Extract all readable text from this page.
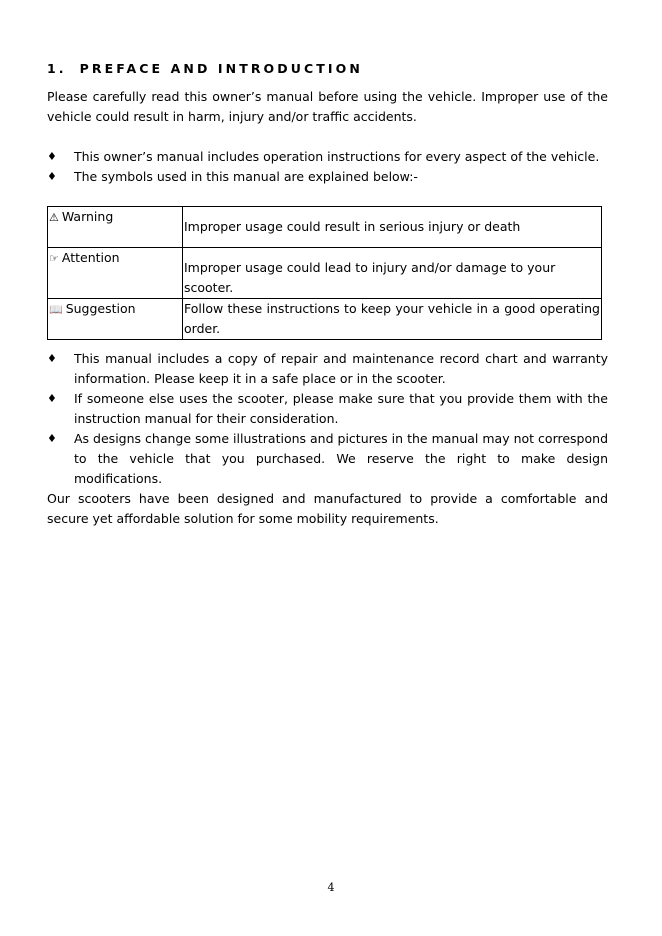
1. PREFACE AND INTRODUCTION

Please carefully read this owner’s manual before using the vehicle. Improper use of the vehicle could result in harm, injury and/or traffic accidents.

♦ This owner’s manual includes operation instructions for every aspect of the vehicle.
♦ The symbols used in this manual are explained below:-
⚠ Warning	Improper usage could result in serious injury or death

☞ Attention	Improper usage could lead to injury and/or damage to your scooter.

📖 Suggestion	Follow these instructions to keep your vehicle in a good operating order.
♦ This manual includes a copy of repair and maintenance record chart and warranty information. Please keep it in a safe place or in the scooter.
♦ If someone else uses the scooter, please make sure that you provide them with the instruction manual for their consideration.
♦ As designs change some illustrations and pictures in the manual may not correspond to the vehicle that you purchased. We reserve the right to make design modifications.

Our scooters have been designed and manufactured to provide a comfortable and secure yet affordable solution for some mobility requirements.

4
